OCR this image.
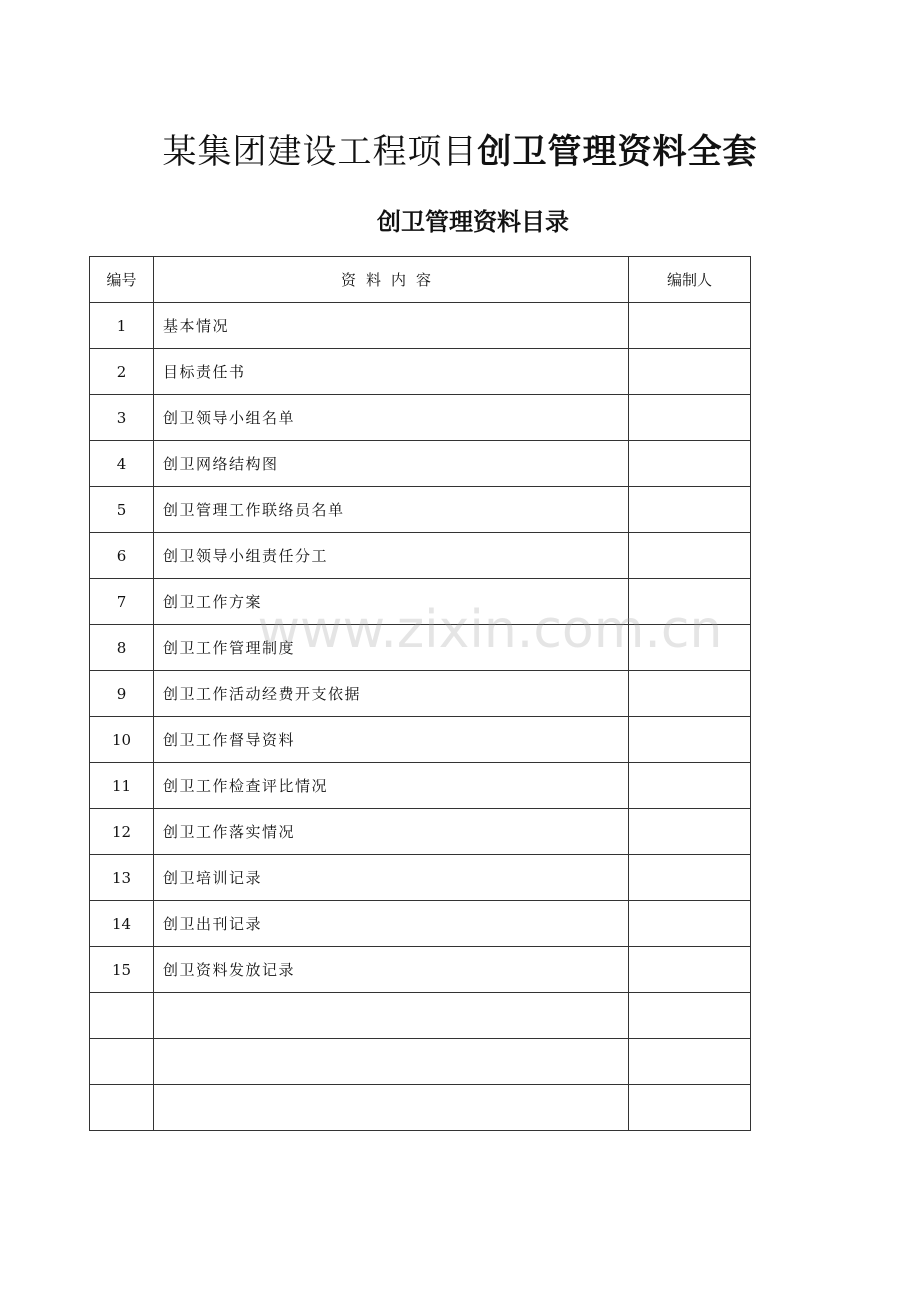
某集团建设工程项目创卫管理资料全套
创卫管理资料目录
编号	资料内容	编制人
1	基本情况	
2	目标责任书	
3	创卫领导小组名单	
4	创卫网络结构图	
5	创卫管理工作联络员名单	
6	创卫领导小组责任分工	
7	创卫工作方案	
8	创卫工作管理制度	
9	创卫工作活动经费开支依据	
10	创卫工作督导资料	
11	创卫工作检查评比情况	
12	创卫工作落实情况	
13	创卫培训记录	
14	创卫出刊记录	
15	创卫资料发放记录	

www.zixin.com.cn
